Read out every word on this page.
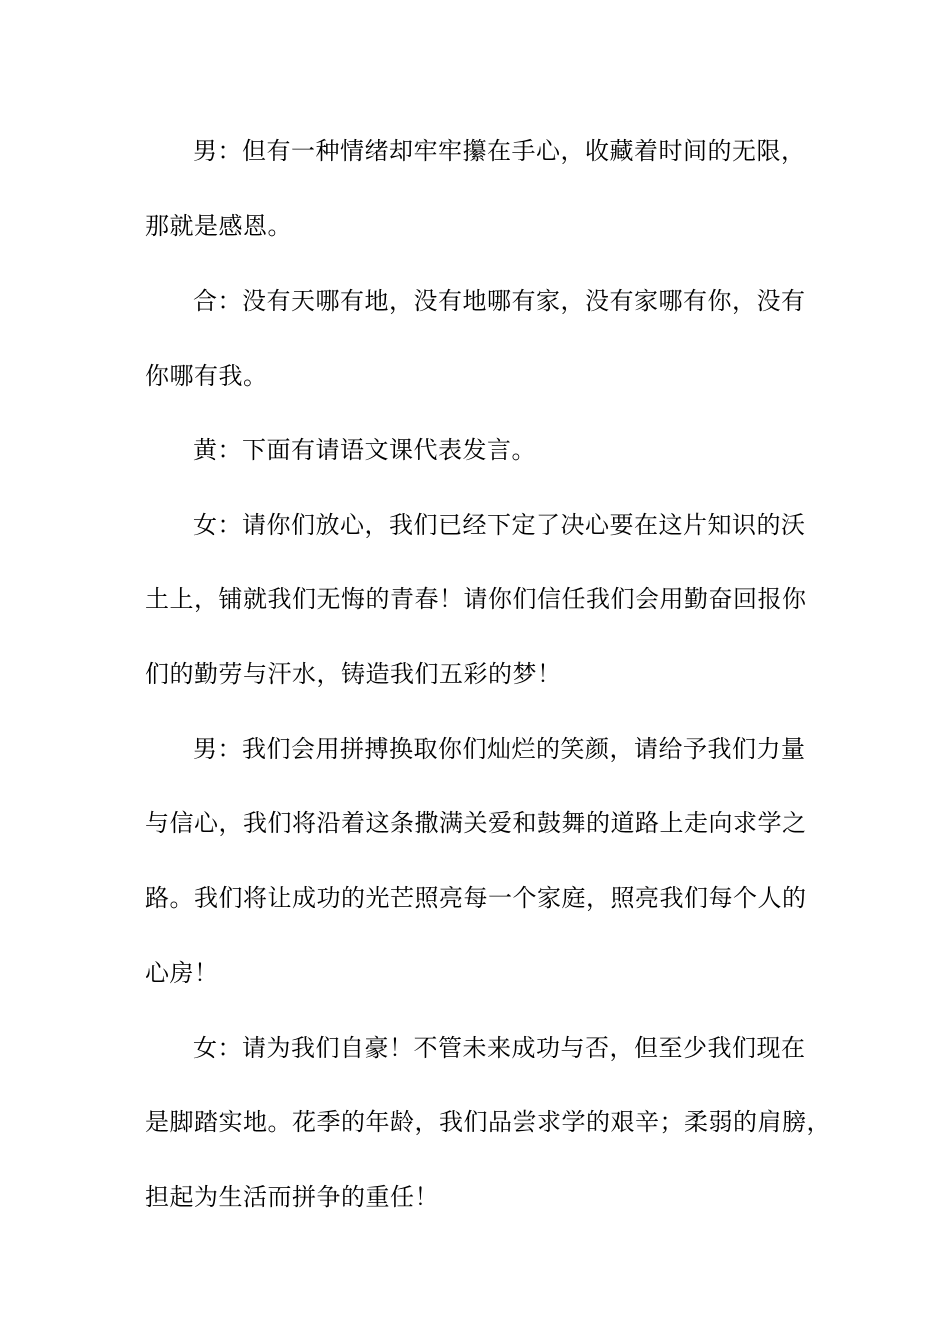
男：但有一种情绪却牢牢攥在手心，收藏着时间的无限，
那就是感恩。
合：没有天哪有地，没有地哪有家，没有家哪有你，没有
你哪有我。
黄：下面有请语文课代表发言。
女：请你们放心，我们已经下定了决心要在这片知识的沃
土上，铺就我们无悔的青春！请你们信任我们会用勤奋回报你
们的勤劳与汗水，铸造我们五彩的梦！
男：我们会用拼搏换取你们灿烂的笑颜，请给予我们力量
与信心，我们将沿着这条撒满关爱和鼓舞的道路上走向求学之
路。我们将让成功的光芒照亮每一个家庭，照亮我们每个人的
心房！
女：请为我们自豪！不管未来成功与否，但至少我们现在
是脚踏实地。花季的年龄，我们品尝求学的艰辛；柔弱的肩膀，
担起为生活而拼争的重任！
